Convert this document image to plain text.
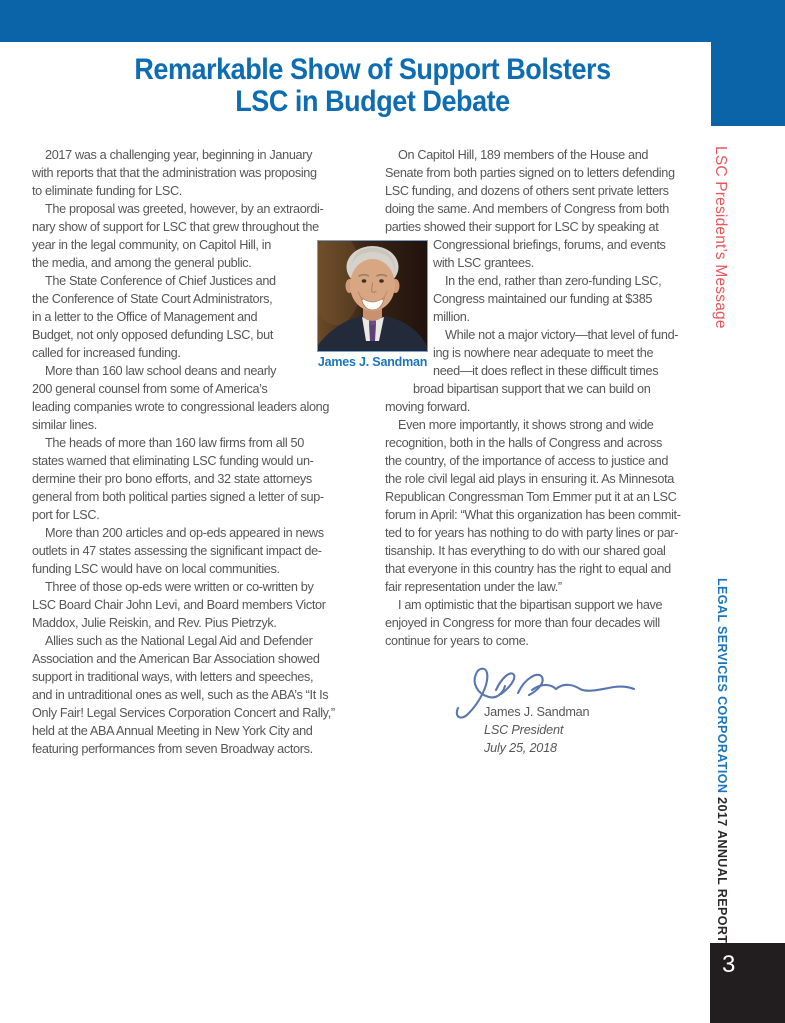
Remarkable Show of Support Bolsters
LSC in Budget Debate
2017 was a challenging year, beginning in January
with reports that that the administration was proposing
to eliminate funding for LSC.
The proposal was greeted, however, by an extraordi-
nary show of support for LSC that grew throughout the
year in the legal community, on Capitol Hill, in
the media, and among the general public.
The State Conference of Chief Justices and
the Conference of State Court Administrators,
in a letter to the Office of Management and
Budget, not only opposed defunding LSC, but
called for increased funding.
More than 160 law school deans and nearly
200 general counsel from some of America’s
leading companies wrote to congressional leaders along
similar lines.
The heads of more than 160 law firms from all 50
states warned that eliminating LSC funding would un-
dermine their pro bono efforts, and 32 state attorneys
general from both political parties signed a letter of sup-
port for LSC.
More than 200 articles and op-eds appeared in news
outlets in 47 states assessing the significant impact de-
funding LSC would have on local communities.
Three of those op-eds were written or co-written by
LSC Board Chair John Levi, and Board members Victor
Maddox, Julie Reiskin, and Rev. Pius Pietrzyk.
Allies such as the National Legal Aid and Defender
Association and the American Bar Association showed
support in traditional ways, with letters and speeches,
and in untraditional ones as well, such as the ABA’s “It Is
Only Fair! Legal Services Corporation Concert and Rally,”
held at the ABA Annual Meeting in New York City and
featuring performances from seven Broadway actors.
On Capitol Hill, 189 members of the House and
Senate from both parties signed on to letters defending
LSC funding, and dozens of others sent private letters
doing the same. And members of Congress from both
parties showed their support for LSC by speaking at
Congressional briefings, forums, and events
with LSC grantees.
In the end, rather than zero-funding LSC,
Congress maintained our funding at $385
million.
While not a major victory—that level of fund-
ing is nowhere near adequate to meet the
need—it does reflect in these difficult times
broad bipartisan support that we can build on
moving forward.
Even more importantly, it shows strong and wide
recognition, both in the halls of Congress and across
the country, of the importance of access to justice and
the role civil legal aid plays in ensuring it. As Minnesota
Republican Congressman Tom Emmer put it at an LSC
forum in April: “What this organization has been commit-
ted to for years has nothing to do with party lines or par-
tisanship. It has everything to do with our shared goal
that everyone in this country has the right to equal and
fair representation under the law.”
I am optimistic that the bipartisan support we have
enjoyed in Congress for more than four decades will
continue for years to come.
James J. Sandman
James J. Sandman
LSC President
July 25, 2018
LSC President’s Message
LEGAL SERVICES CORPORATION 2017 ANNUAL REPORT
3
